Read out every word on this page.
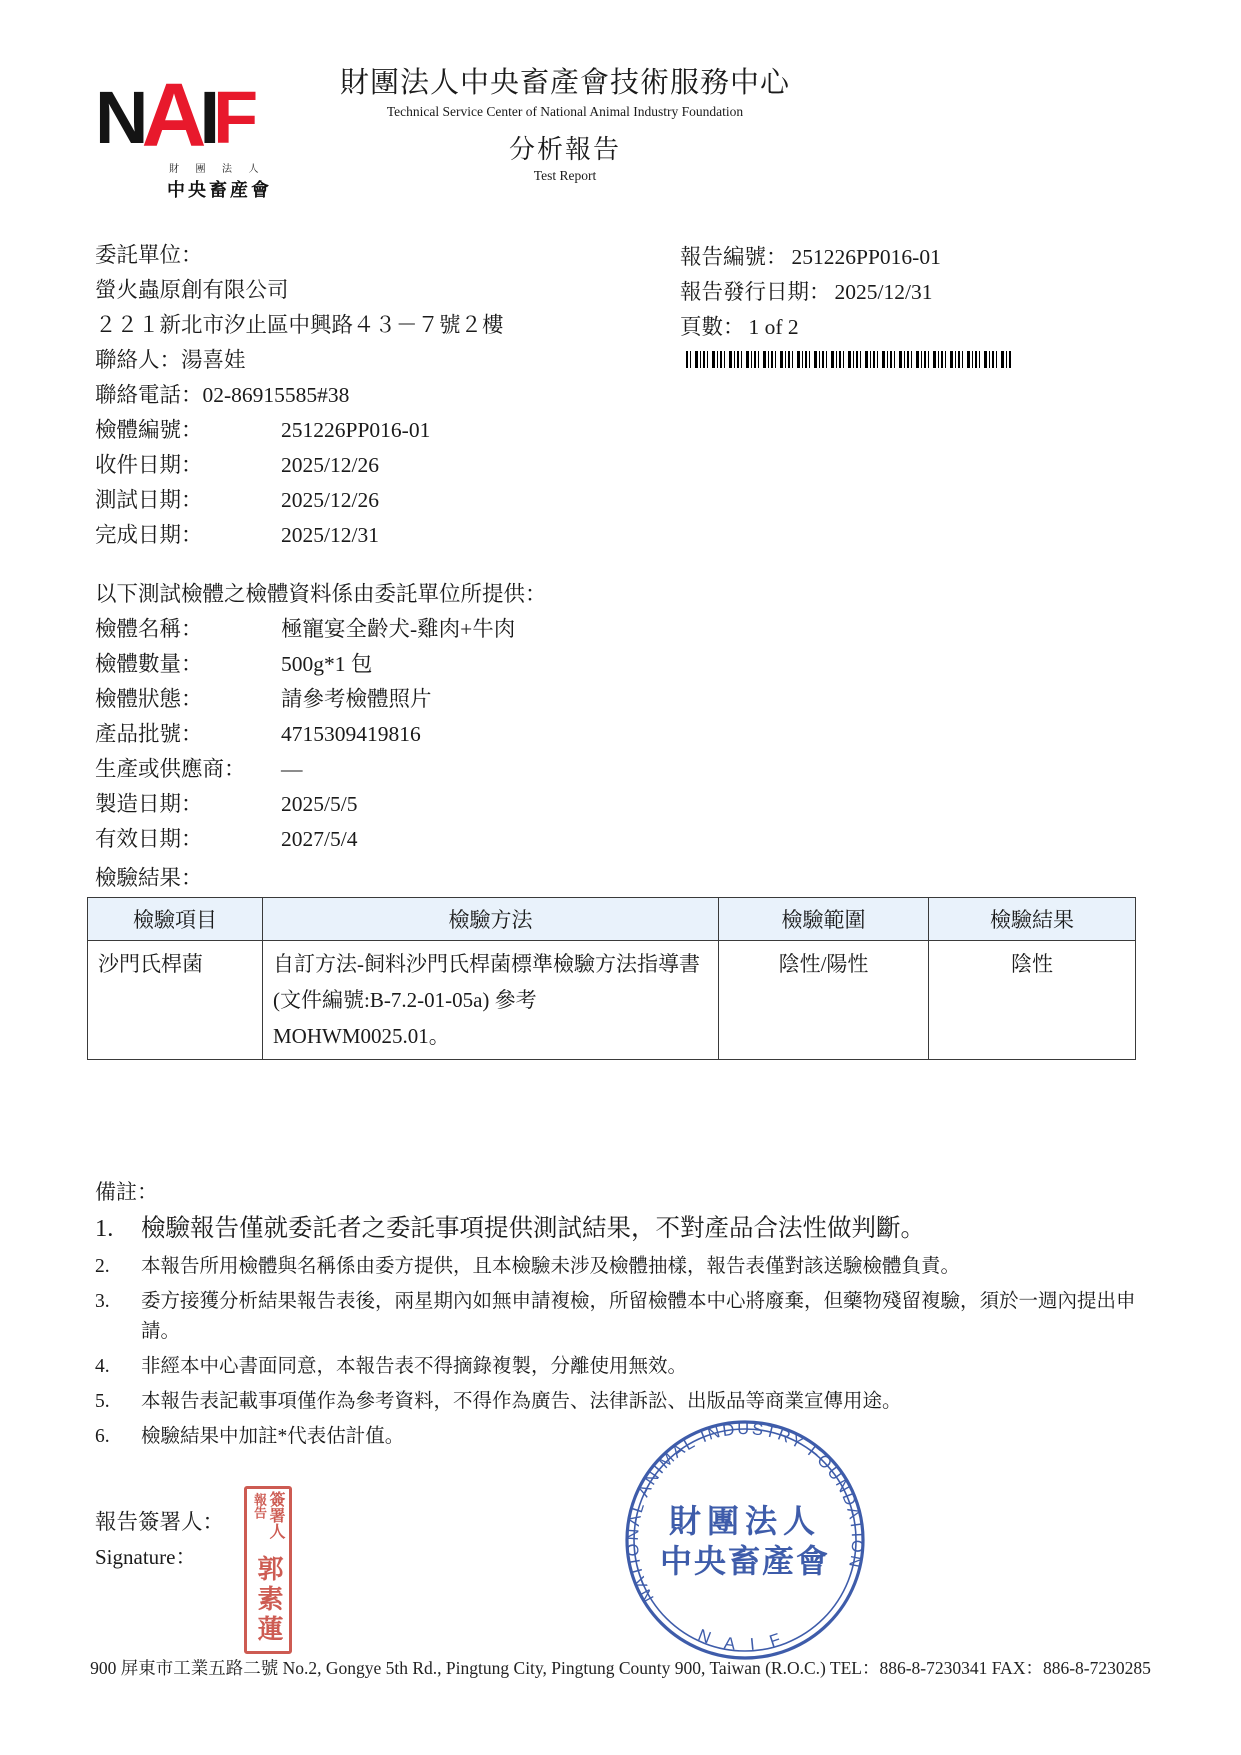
N A I F
財 團 法 人
中央畜産會
財團法人中央畜產會技術服務中心
Technical Service Center of National Animal Industry Foundation
分析報告
Test Report
委託單位：
螢火蟲原創有限公司
２２１新北市汐止區中興路４３－７號２樓
聯絡人：湯喜娃
聯絡電話：02-86915585#38
檢體編號：	251226PP016-01
收件日期：	2025/12/26
測試日期：	2025/12/26
完成日期：	2025/12/31
報告編號： 251226PP016-01
報告發行日期： 2025/12/31
頁數： 1 of 2
以下測試檢體之檢體資料係由委託單位所提供：
檢體名稱：	極寵宴全齡犬-雞肉+牛肉
檢體數量：	500g*1 包
檢體狀態：	請參考檢體照片
產品批號：	4715309419816
生產或供應商： —
製造日期：	2025/5/5
有效日期：	2027/5/4
檢驗結果：
檢驗項目	檢驗方法	檢驗範圍	檢驗結果
沙門氏桿菌	自訂方法-飼料沙門氏桿菌標準檢驗方法指導書(文件編號:B-7.2-01-05a) 參考MOHWM0025.01。	陰性/陽性	陰性
備註：
1.	檢驗報告僅就委託者之委託事項提供測試結果，不對產品合法性做判斷。
2.	本報告所用檢體與名稱係由委方提供，且本檢驗未涉及檢體抽樣，報告表僅對該送驗檢體負責。
3.	委方接獲分析結果報告表後，兩星期內如無申請複檢，所留檢體本中心將廢棄，但藥物殘留複驗，須於一週內提出申請。
4.	非經本中心書面同意，本報告表不得摘錄複製，分離使用無效。
5.	本報告表記載事項僅作為參考資料，不得作為廣告、法律訴訟、出版品等商業宣傳用途。
6.	檢驗結果中加註*代表估計值。
報告簽署人：
Signature：
900 屏東市工業五路二號 No.2, Gongye 5th Rd., Pingtung City, Pingtung County 900, Taiwan (R.O.C.) TEL：886-8-7230341 FAX：886-8-7230285
簽署人
報告
郭素蓮	NATIONAL ANIMAL INDUSTRY FOUNDATION
N A I F
財團法人
中央畜產會
